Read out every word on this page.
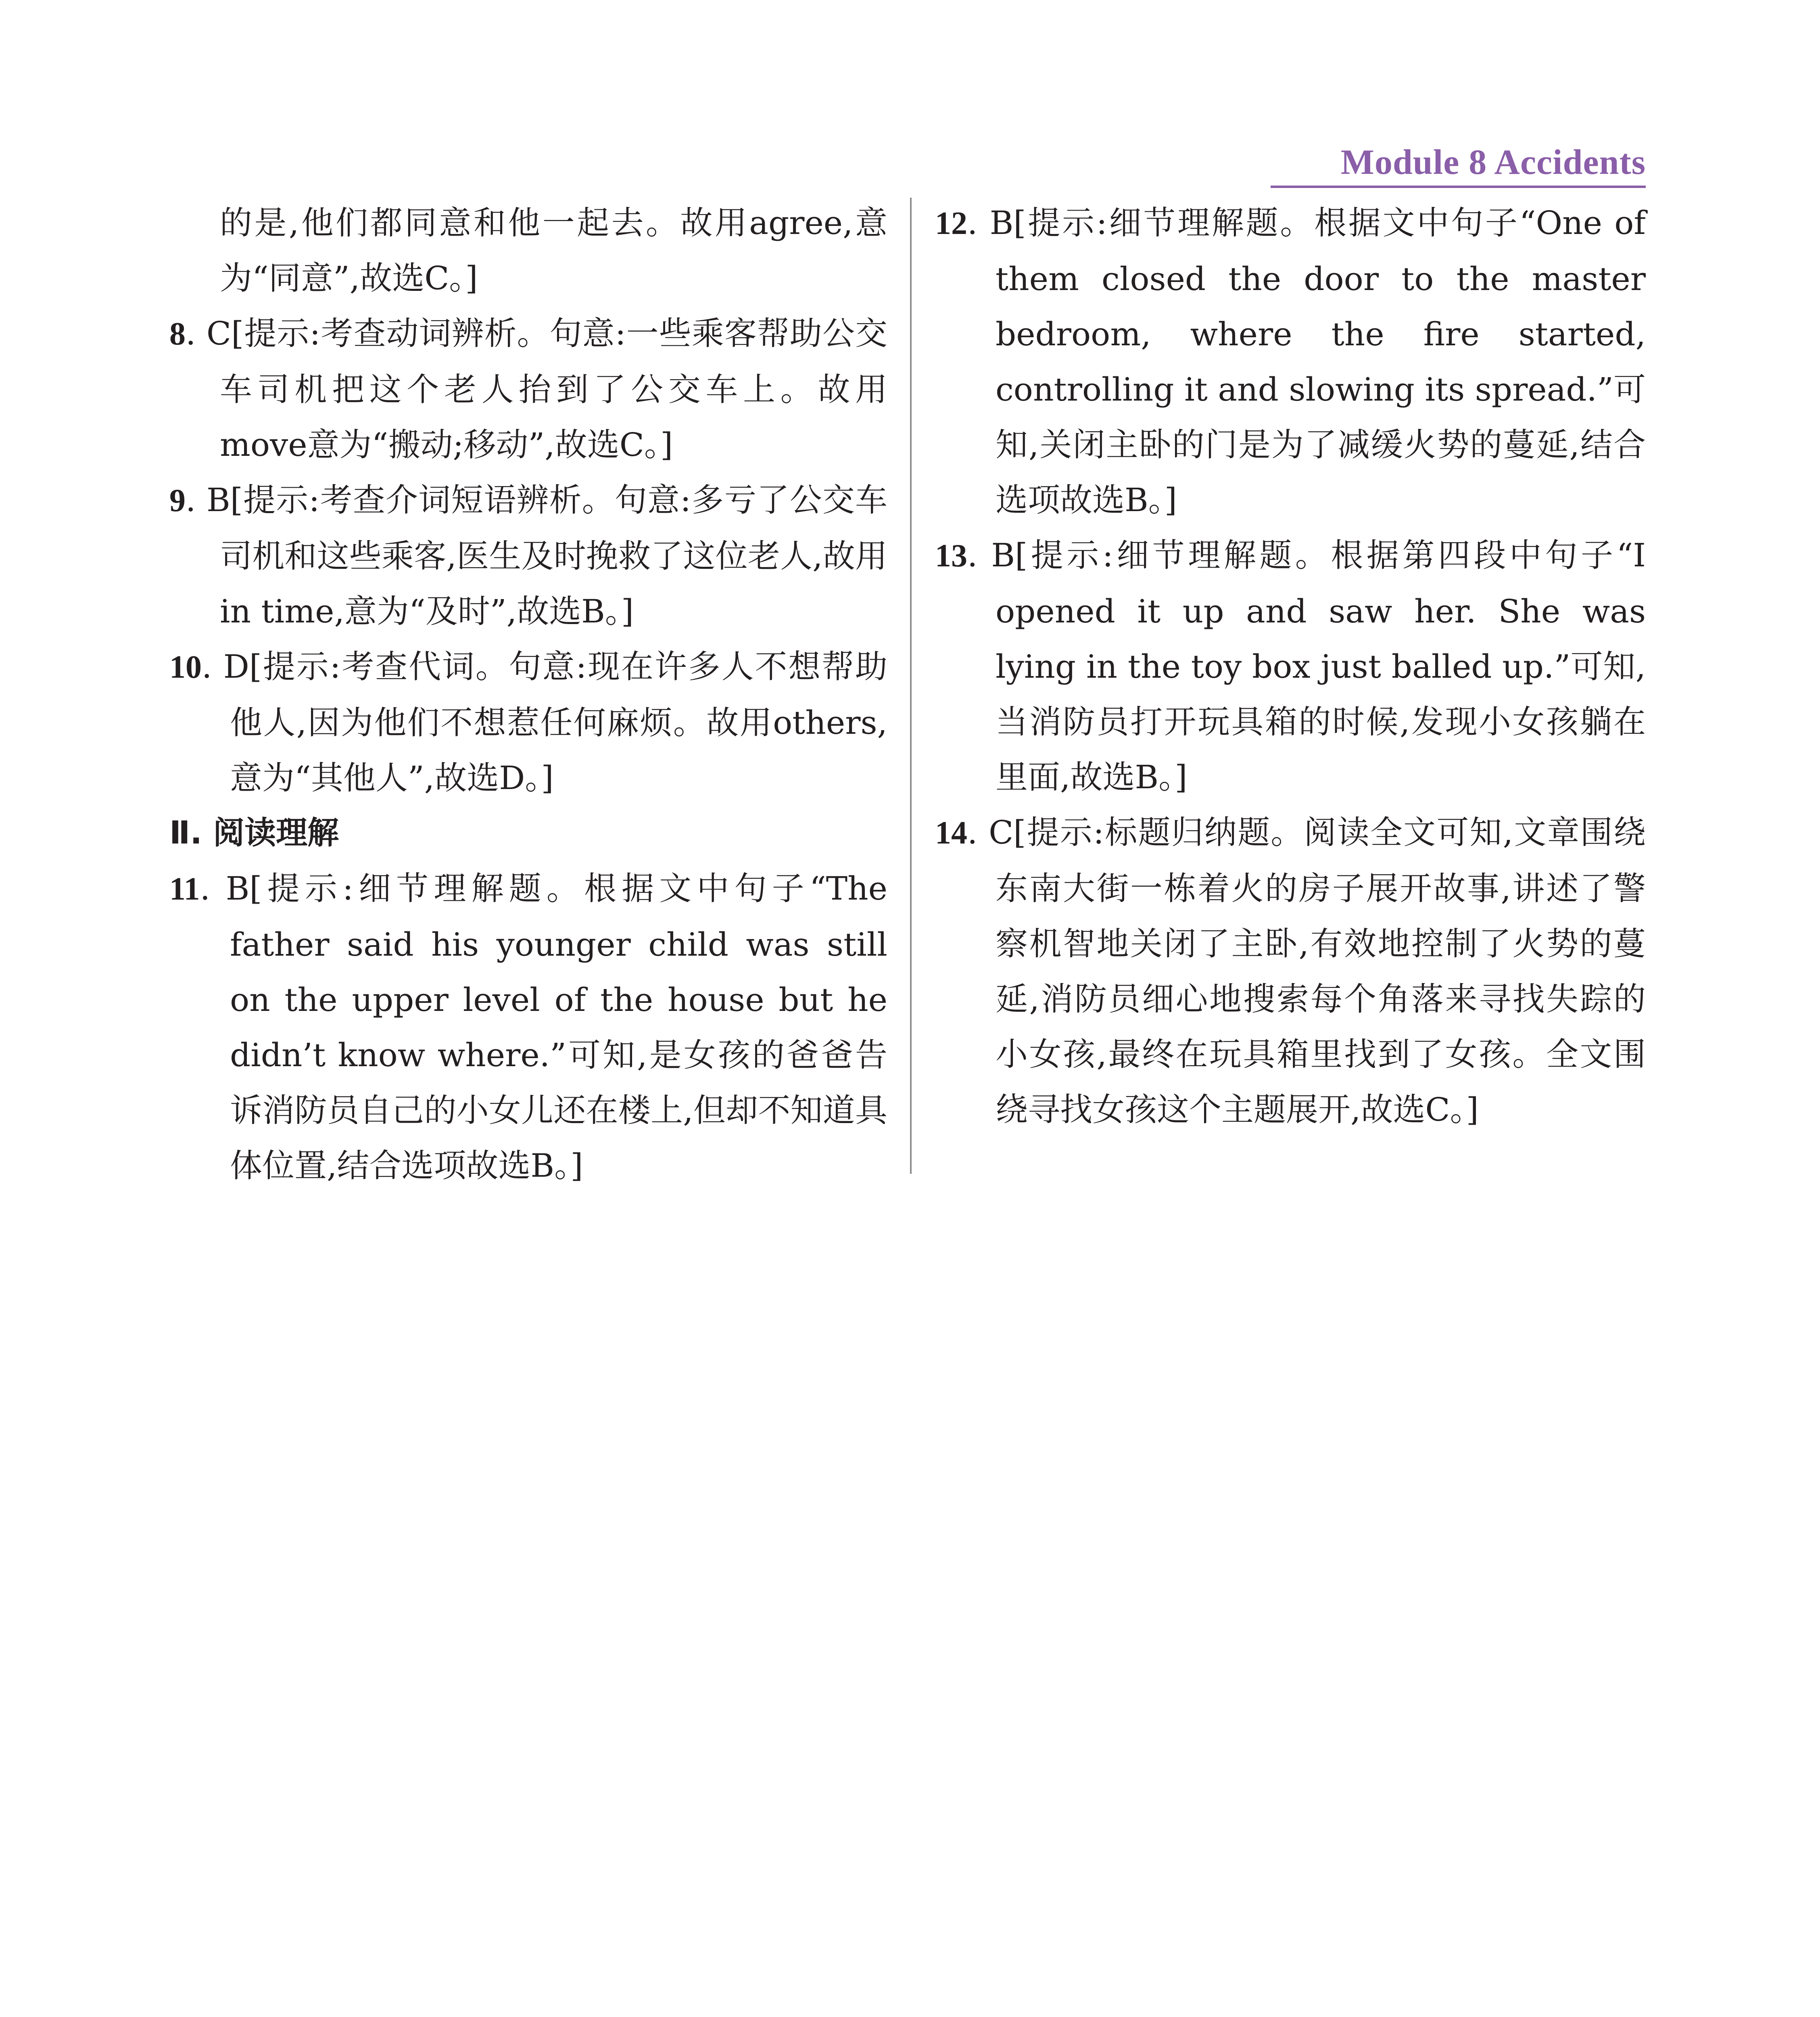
Module 8 Accidents

的是,他们都同意和他一起去。故用agree,意为“同意”,故选C。]

8. C[提示:考查动词辨析。句意:一些乘客帮助公交车司机把这个老人抬到了公交车上。故用move意为“搬动;移动”,故选C。]

9. B[提示:考查介词短语辨析。句意:多亏了公交车司机和这些乘客,医生及时挽救了这位老人,故用in time,意为“及时”,故选B。]

10. D[提示:考查代词。句意:现在许多人不想帮助他人,因为他们不想惹任何麻烦。故用others,意为“其他人”,故选D。]

Ⅱ. 阅读理解

11. B[提示:细节理解题。根据文中句子“The father said his younger child was still on the upper level of the house but he didn’t know where.”可知,是女孩的爸爸告诉消防员自己的小女儿还在楼上,但却不知道具体位置,结合选项故选B。]

12. B[提示:细节理解题。根据文中句子“One of them closed the door to the master bedroom, where the fire started, controlling it and slowing its spread.”可知,关闭主卧的门是为了减缓火势的蔓延,结合选项故选B。]

13. B[提示:细节理解题。根据第四段中句子“I opened it up and saw her. She was lying in the toy box just balled up.”可知,当消防员打开玩具箱的时候,发现小女孩躺在里面,故选B。]

14. C[提示:标题归纳题。阅读全文可知,文章围绕东南大街一栋着火的房子展开故事,讲述了警察机智地关闭了主卧,有效地控制了火势的蔓延,消防员细心地搜索每个角落来寻找失踪的小女孩,最终在玩具箱里找到了女孩。全文围绕寻找女孩这个主题展开,故选C。]
